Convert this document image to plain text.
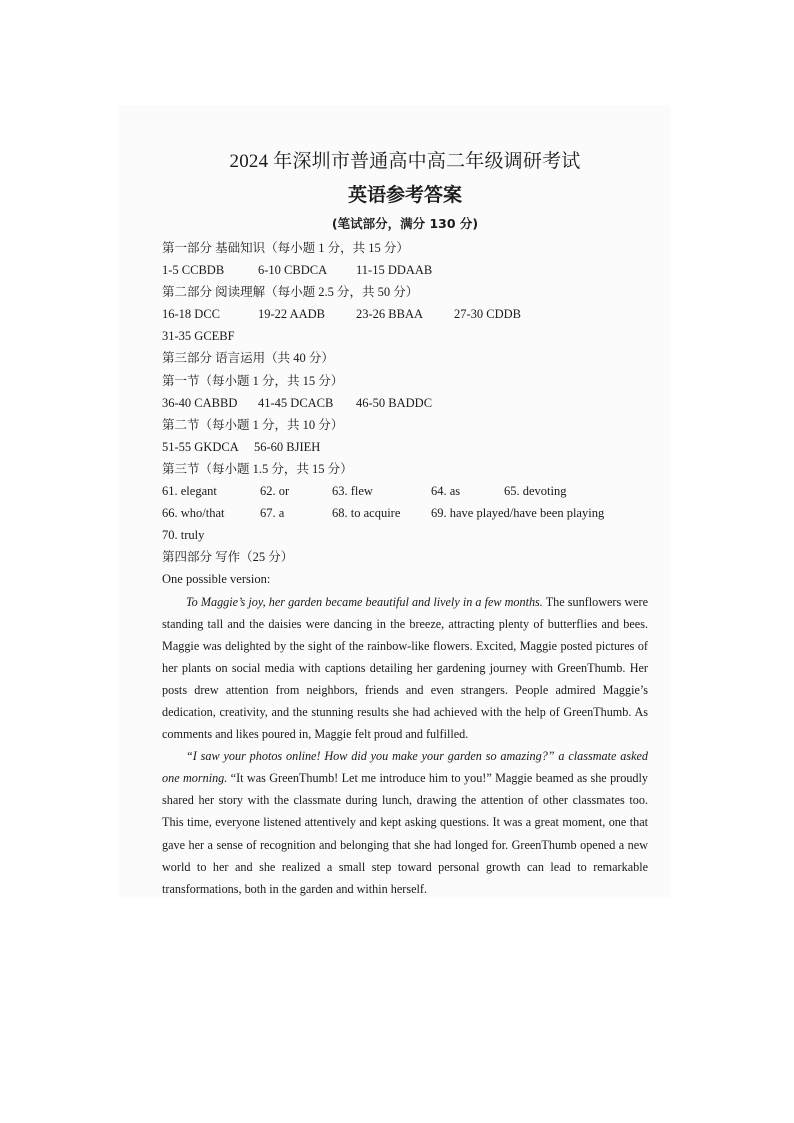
2024 年深圳市普通高中高二年级调研考试
英语参考答案
(笔试部分，满分 130 分)
第一部分 基础知识（每小题 1 分，共 15 分）
1-5 CCBDB	6-10 CBDCA 11-15 DDAAB
第二部分 阅读理解（每小题 2.5 分，共 50 分）
16-18 DCC	19-22 AADB 23-26 BBAA 27-30 CDDB
31-35 GCEBF
第三部分 语言运用（共 40 分）
第一节（每小题 1 分，共 15 分）
36-40 CABBD 41-45 DCACB 46-50 BADDC
第二节（每小题 1 分，共 10 分）
51-55 GKDCA 56-60 BJIEH
第三节（每小题 1.5 分，共 15 分）
61. elegant	62. or	63. flew	64. as	65. devoting
66. who/that	67. a	68. to acquire 69. have played/have been playing
70. truly
第四部分 写作（25 分）
One possible version:

To Maggie’s joy, her garden became beautiful and lively in a few months. The sunflowers were standing tall and the daisies were dancing in the breeze, attracting plenty of butterflies and bees. Maggie was delighted by the sight of the rainbow-like flowers. Excited, Maggie posted pictures of her plants on social media with captions detailing her gardening journey with GreenThumb. Her posts drew attention from neighbors, friends and even strangers. People admired Maggie’s dedication, creativity, and the stunning results she had achieved with the help of GreenThumb. As comments and likes poured in, Maggie felt proud and fulfilled.

“I saw your photos online! How did you make your garden so amazing?” a classmate asked one morning. “It was GreenThumb! Let me introduce him to you!” Maggie beamed as she proudly shared her story with the classmate during lunch, drawing the attention of other classmates too. This time, everyone listened attentively and kept asking questions. It was a great moment, one that gave her a sense of recognition and belonging that she had longed for. GreenThumb opened a new world to her and she realized a small step toward personal growth can lead to remarkable transformations, both in the garden and within herself.
